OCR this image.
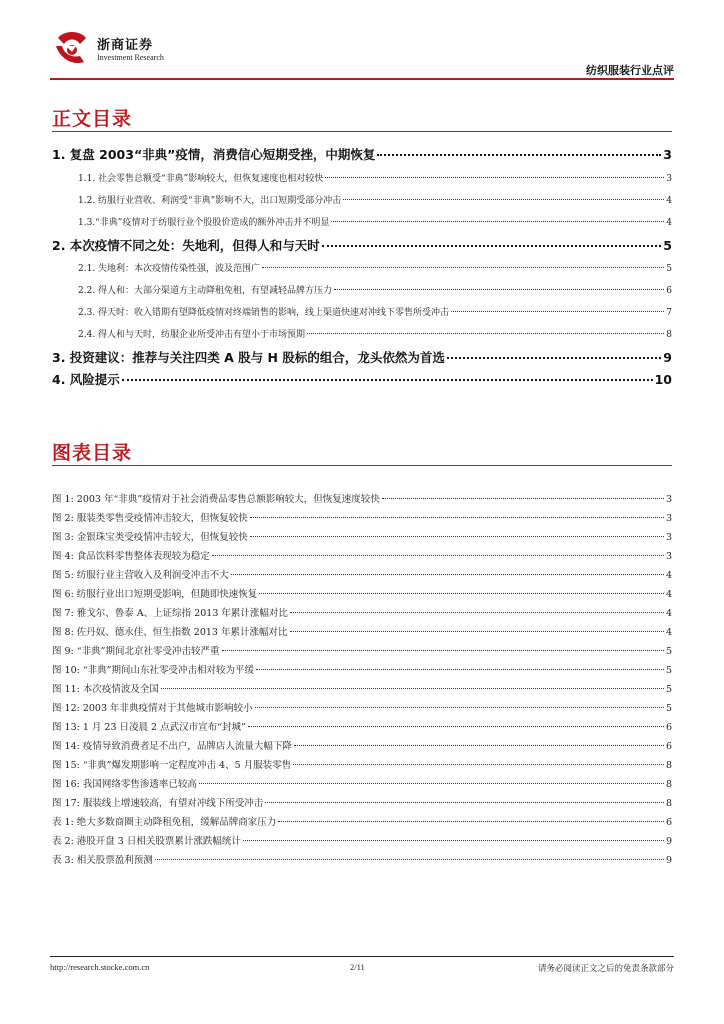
浙商证券
Investment Research
纺织服装行业点评
正文目录
1. 复盘 2003“非典”疫情，消费信心短期受挫，中期恢复	3
1.1. 社会零售总额受“非典”影响较大，但恢复速度也相对较快	3
1.2. 纺服行业营收、利润受“非典”影响不大，出口短期受部分冲击	4
1.3.“非典”疫情对于纺服行业个股股价造成的额外冲击并不明显	4
2. 本次疫情不同之处：失地利，但得人和与天时	5
2.1. 失地利：本次疫情传染性强，波及范围广	5
2.2. 得人和：大部分渠道方主动降租免租，有望减轻品牌方压力	6
2.3. 得天时：收入错期有望降低疫情对终端销售的影响，线上渠道快速对冲线下零售所受冲击	7
2.4. 得人和与天时，纺服企业所受冲击有望小于市场预期	8
3. 投资建议：推荐与关注四类 A 股与 H 股标的组合，龙头依然为首选	9
4. 风险提示	10
图表目录
图 1: 2003 年“非典”疫情对于社会消费品零售总额影响较大，但恢复速度较快	3
图 2: 服装类零售受疫情冲击较大，但恢复较快	3
图 3: 金银珠宝类受疫情冲击较大，但恢复较快	3
图 4: 食品饮料零售整体表现较为稳定	3
图 5: 纺服行业主营收入及利润受冲击不大	4
图 6: 纺服行业出口短期受影响，但随即快速恢复	4
图 7: 雅戈尔、鲁泰 A、上证综指 2013 年累计涨幅对比	4
图 8: 佐丹奴、德永佳、恒生指数 2013 年累计涨幅对比	4
图 9: “非典”期间北京社零受冲击较严重	5
图 10: “非典”期间山东社零受冲击相对较为平缓	5
图 11: 本次疫情波及全国	5
图 12: 2003 年非典疫情对于其他城市影响较小	5
图 13: 1 月 23 日凌晨 2 点武汉市宣布“封城”	6
图 14: 疫情导致消费者足不出户，品牌店人流量大幅下降	6
图 15: “非典”爆发期影响一定程度冲击 4、5 月服装零售	8
图 16: 我国网络零售渗透率已较高	8
图 17: 服装线上增速较高，有望对冲线下所受冲击	8
表 1: 绝大多数商圈主动降租免租，缓解品牌商家压力	6
表 2: 港股开盘 3 日相关股票累计涨跌幅统计	9
表 3: 相关股票盈利预测	9
http://research.stocke.com.cn	2/11	请务必阅读正文之后的免责条款部分
